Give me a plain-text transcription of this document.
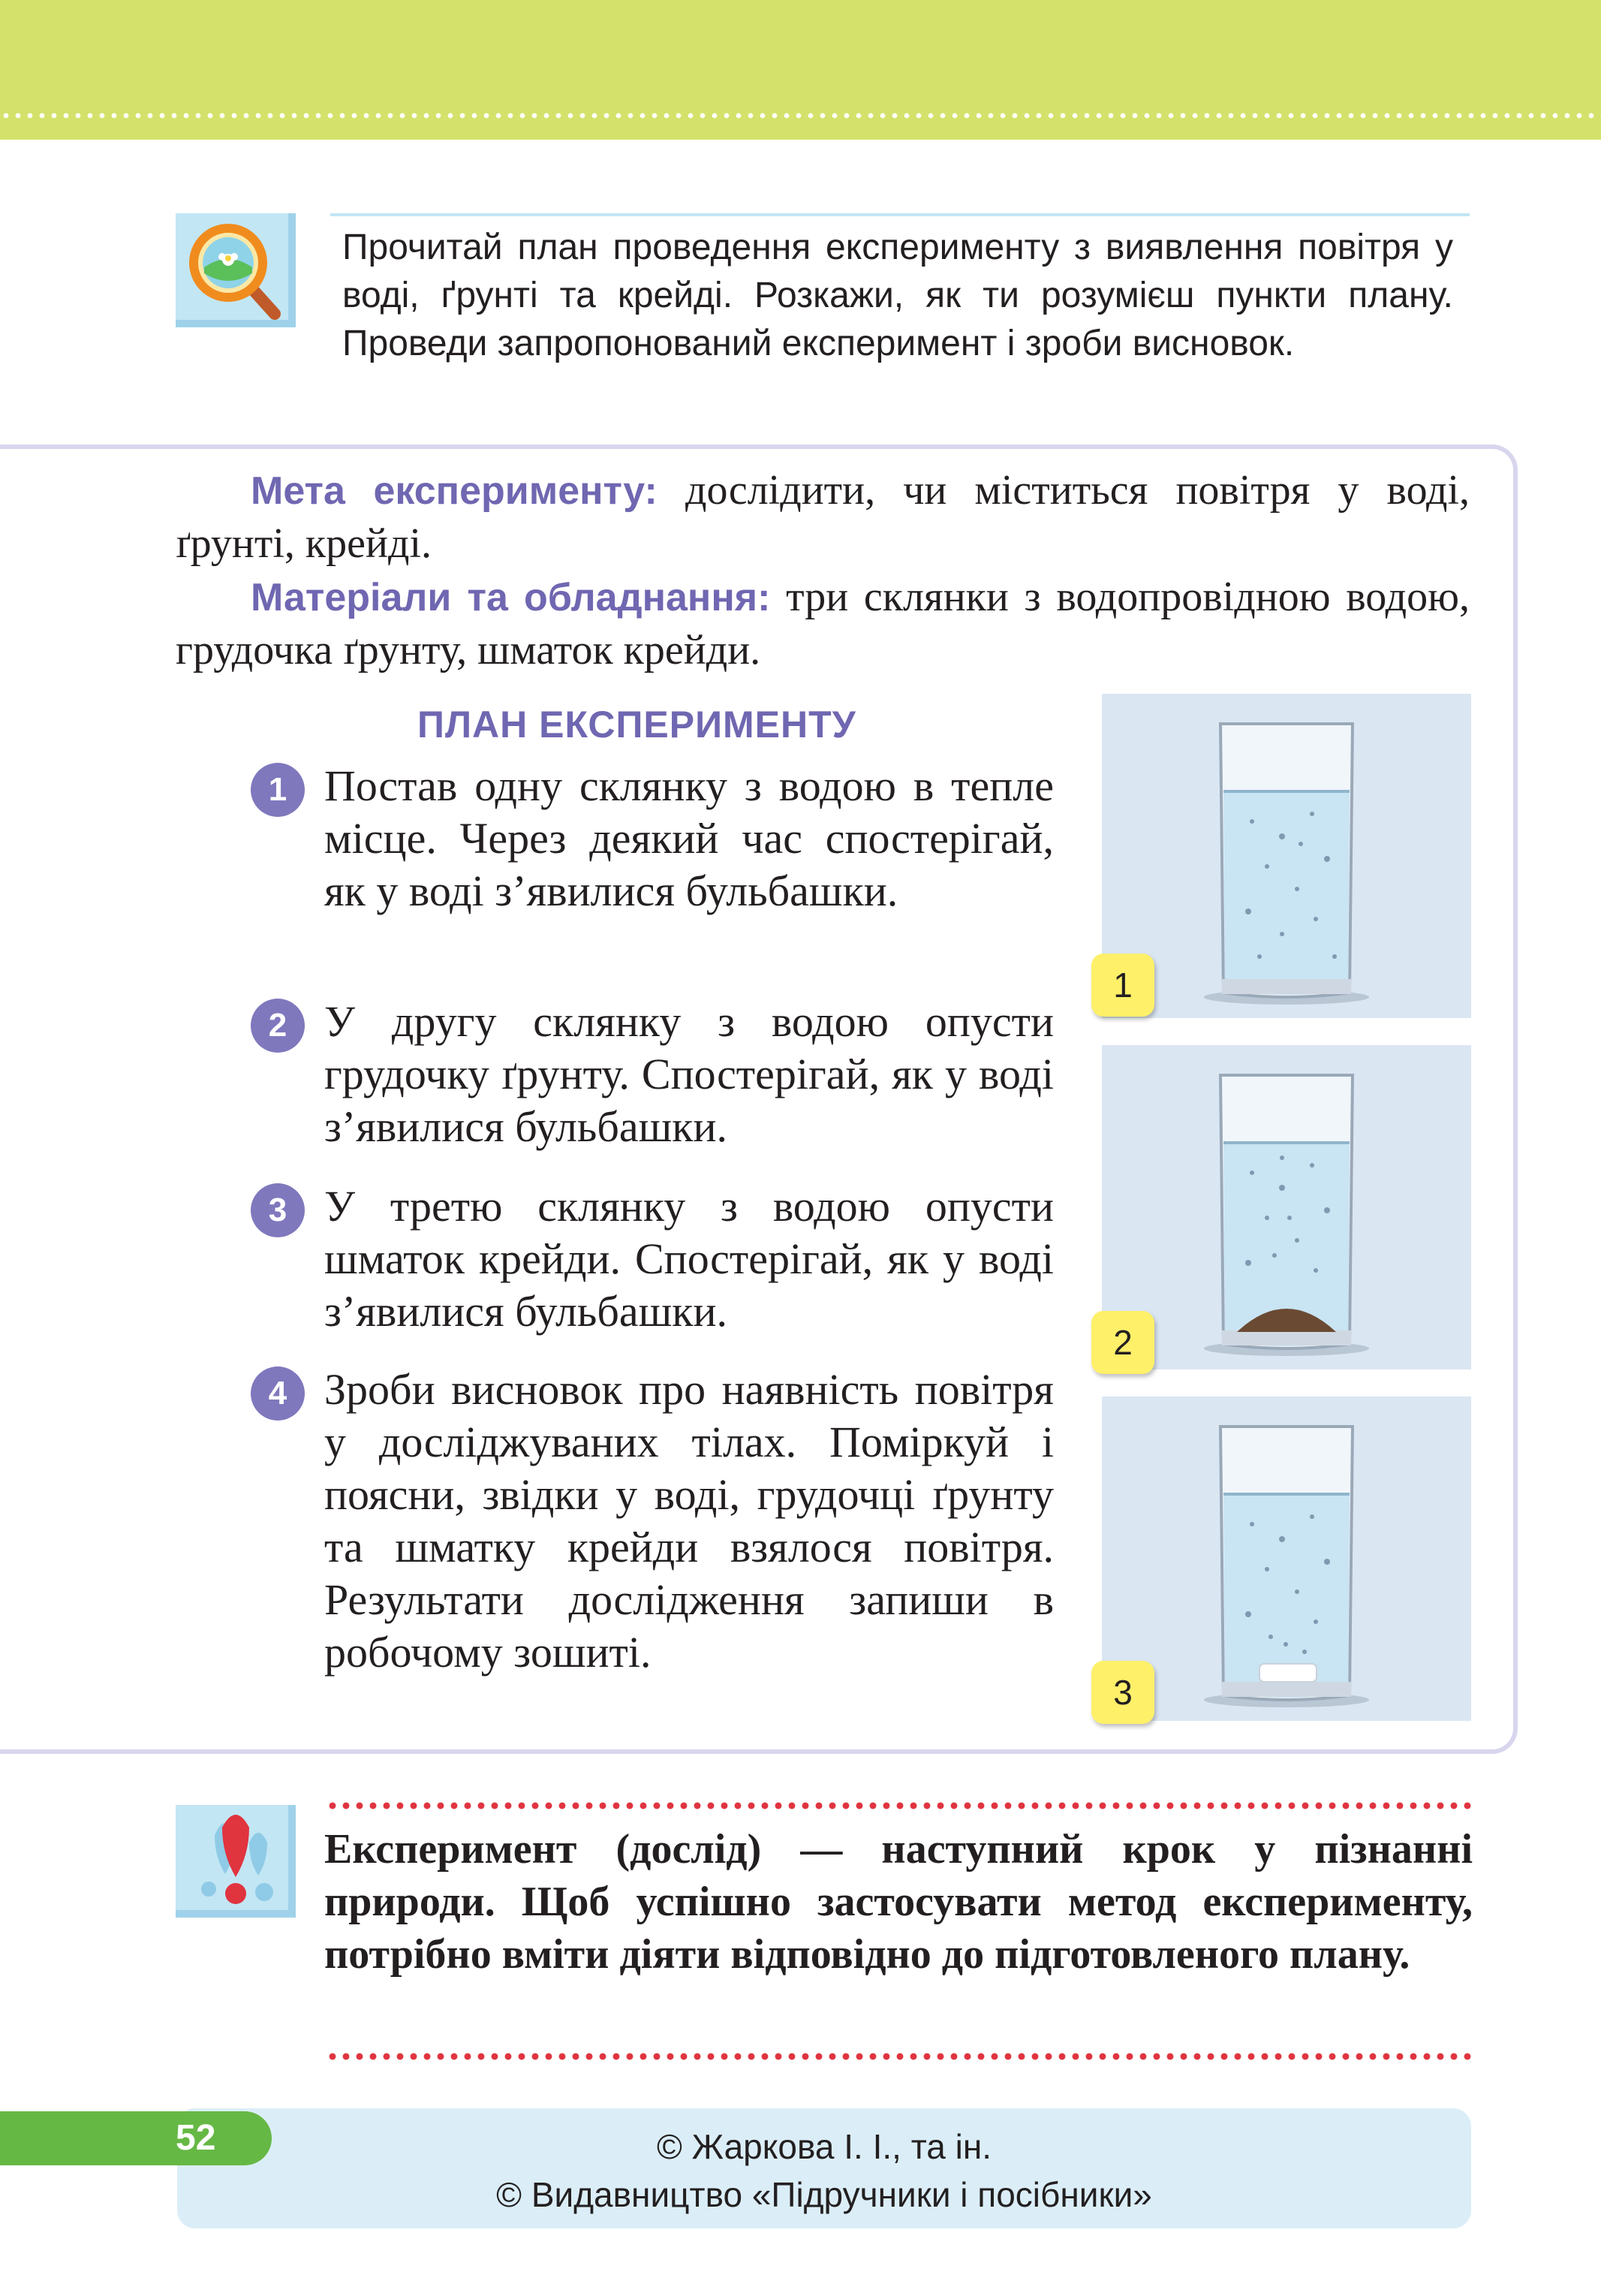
Прочитай план проведення експерименту з виявлення повітря у воді, ґрунті та крейді. Розкажи, як ти розумієш пункти плану. Проведи запропонований експеримент і зроби висновок.

Мета експерименту: дослідити, чи міститься повітря у воді, ґрунті, крейді.

Матеріали та обладнання: три склянки з водопровідною водою, грудочка ґрунту, шматок крейди.

ПЛАН ЕКСПЕРИМЕНТУ
1 Постав одну склянку з водою в тепле місце. Через деякий час спостерігай, як у воді з’явилися бульбашки.

2 У другу склянку з водою опусти грудочку ґрунту. Спостерігай, як у воді з’явилися бульбашки.

3 У третю склянку з водою опусти шматок крейди. Спостерігай, як у воді з’явилися бульбашки.

4 Зроби висновок про наявність повітря у досліджуваних тілах. Поміркуй і поясни, звідки у воді, грудочці ґрунту та шматку крейди взялося повітря. Результати дослідження запиши в робочому зошиті.

1
2
3

Експеримент (дослід) — наступний крок у пізнанні природи. Щоб успішно застосувати метод експерименту, потрібно вміти діяти відповідно до підготовленого плану.

52	© Жаркова І. І., та ін.
© Видавництво «Підручники і посібники»
